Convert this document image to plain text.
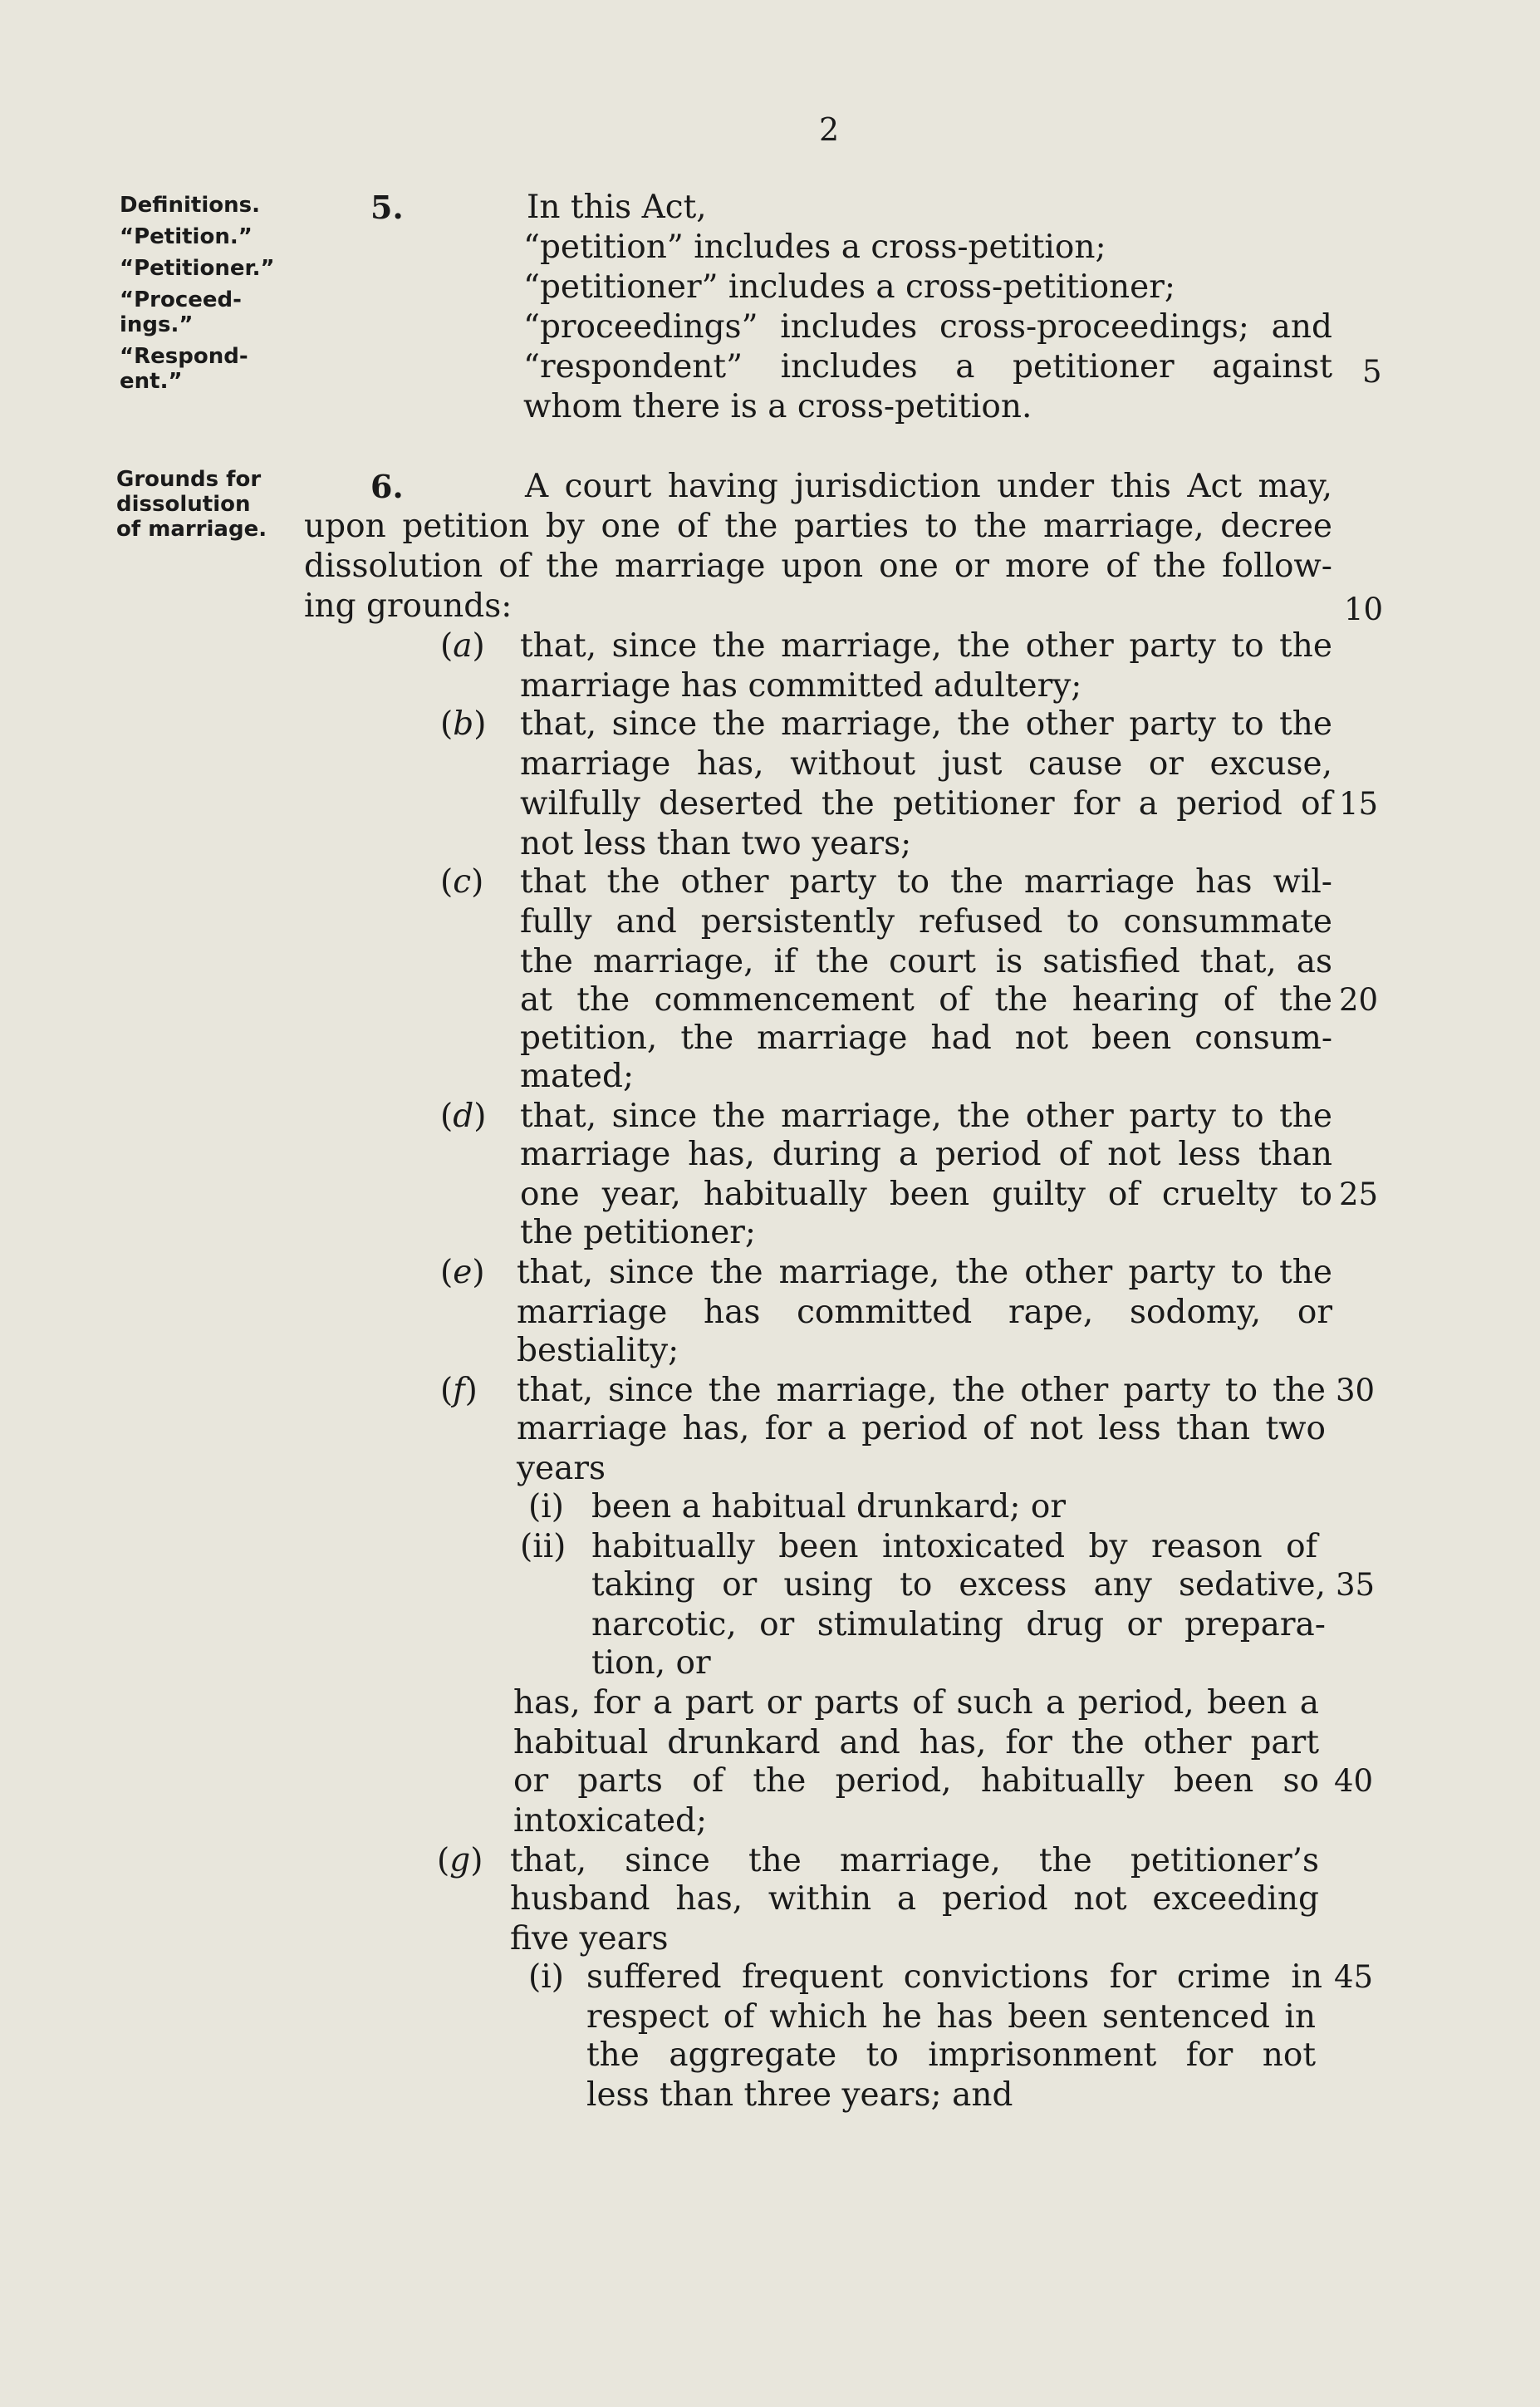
2
Definitions.
“Petition.”
“Petitioner.”
“Proceed-
ings.”
“Respond-
ent.”
5.	In this Act,
“petition” includes a cross-petition;
“petitioner” includes a cross-petitioner;
“proceedings” includes cross-proceedings; and
“respondent” includes a petitioner against
whom there is a cross-petition.
Grounds for
dissolution
of marriage.
6.	A court having jurisdiction under this Act may,
upon petition by one of the parties to the marriage, decree
dissolution of the marriage upon one or more of the follow-
ing grounds:
(a) that, since the marriage, the other party to the
marriage has committed adultery;
(b) that, since the marriage, the other party to the
marriage has, without just cause or excuse,
wilfully deserted the petitioner for a period of
not less than two years;
(c) that the other party to the marriage has wil-
fully and persistently refused to consummate
the marriage, if the court is satisfied that, as
at the commencement of the hearing of the
petition, the marriage had not been consum-
mated;
(d) that, since the marriage, the other party to the
marriage has, during a period of not less than
one year, habitually been guilty of cruelty to
the petitioner;
(e) that, since the marriage, the other party to the
marriage has committed rape, sodomy, or
bestiality;
(f) that, since the marriage, the other party to the
marriage has, for a period of not less than two
years
(i) been a habitual drunkard; or
(ii) habitually been intoxicated by reason of
taking or using to excess any sedative,
narcotic, or stimulating drug or prepara-
tion, or
has, for a part or parts of such a period, been a
habitual drunkard and has, for the other part
or parts of the period, habitually been so
intoxicated;
(g) that, since the marriage, the petitioner’s
husband has, within a period not exceeding
five years
(i) suffered frequent convictions for crime in
respect of which he has been sentenced in
the aggregate to imprisonment for not
less than three years; and
5
10
15
20
25
30
35
40
45
